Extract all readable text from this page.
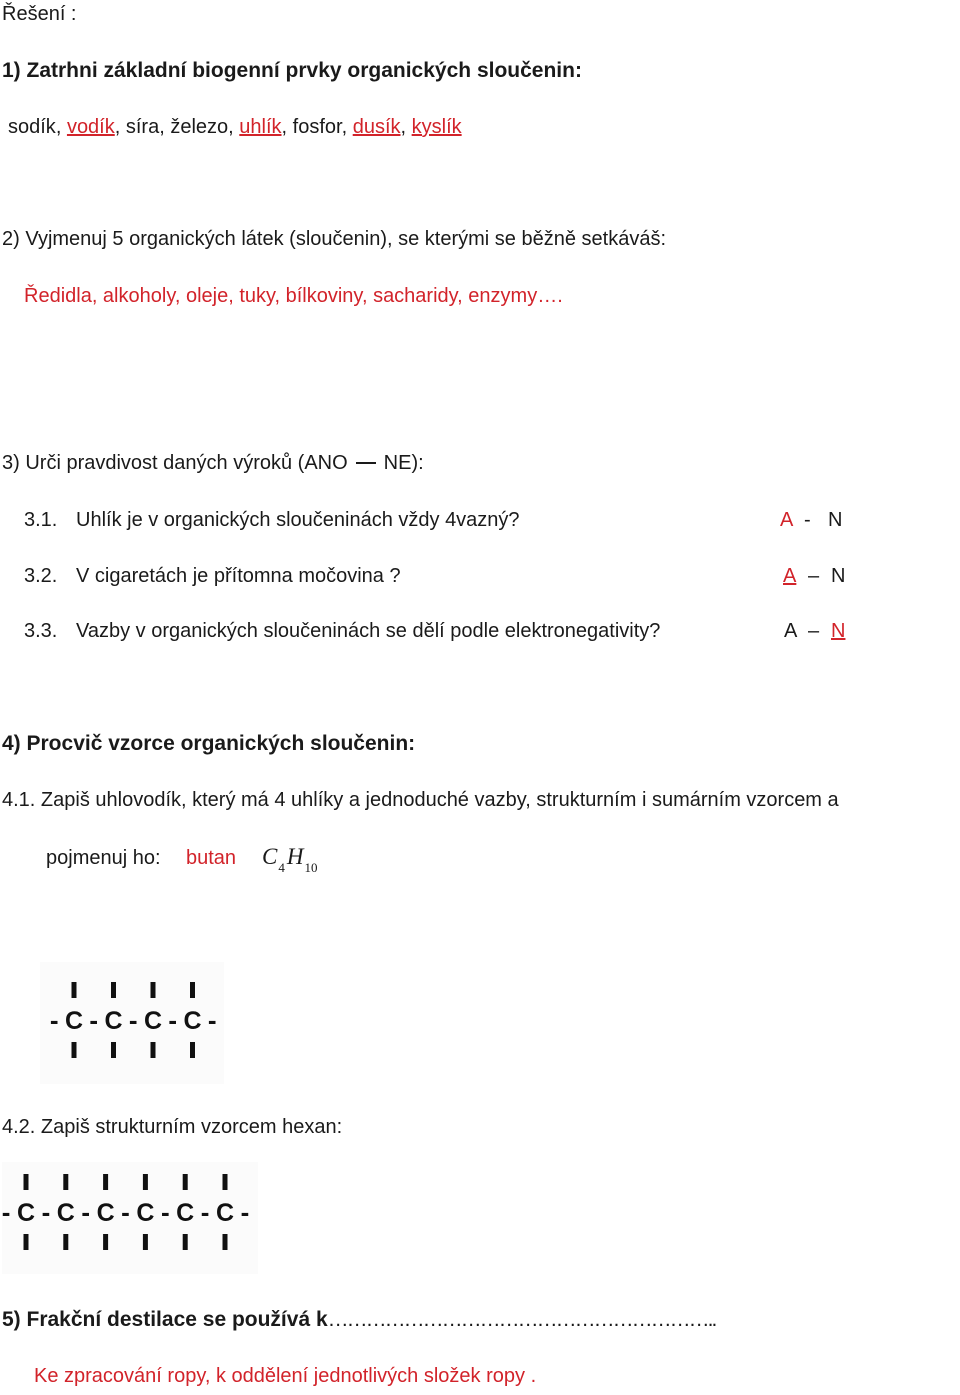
Řešení :
1) Zatrhni základní biogenní prvky organických sloučenin:
sodík, vodík, síra, železo, uhlík, fosfor, dusík, kyslík
2) Vyjmenuj 5 organických látek (sloučenin), se kterými se běžně setkáváš:
Ředidla, alkoholy, oleje, tuky, bílkoviny, sacharidy, enzymy….
3) Urči pravdivost daných výroků (ANO NE):
3.1. Uhlík je v organických sloučeninách vždy 4vazný?	A - N
3.2. V cigaretách je přítomna močovina ?	A – N
3.3. Vazby v organických sloučeninách se dělí podle elektronegativity?	A – N
4) Procvič vzorce organických sloučenin:
4.1. Zapiš uhlovodík, který má 4 uhlíky a jednoduché vazby, strukturním i sumárním vzorcem a
pojmenuj ho: butan $C_4H_{10}$
- C - C - C - C -
4.2. Zapiš strukturním vzorcem hexan:
- C - C - C - C - C - C -
5) Frakční destilace se používá k……………………………………………………..
Ke zpracování ropy, k oddělení jednotlivých složek ropy .
